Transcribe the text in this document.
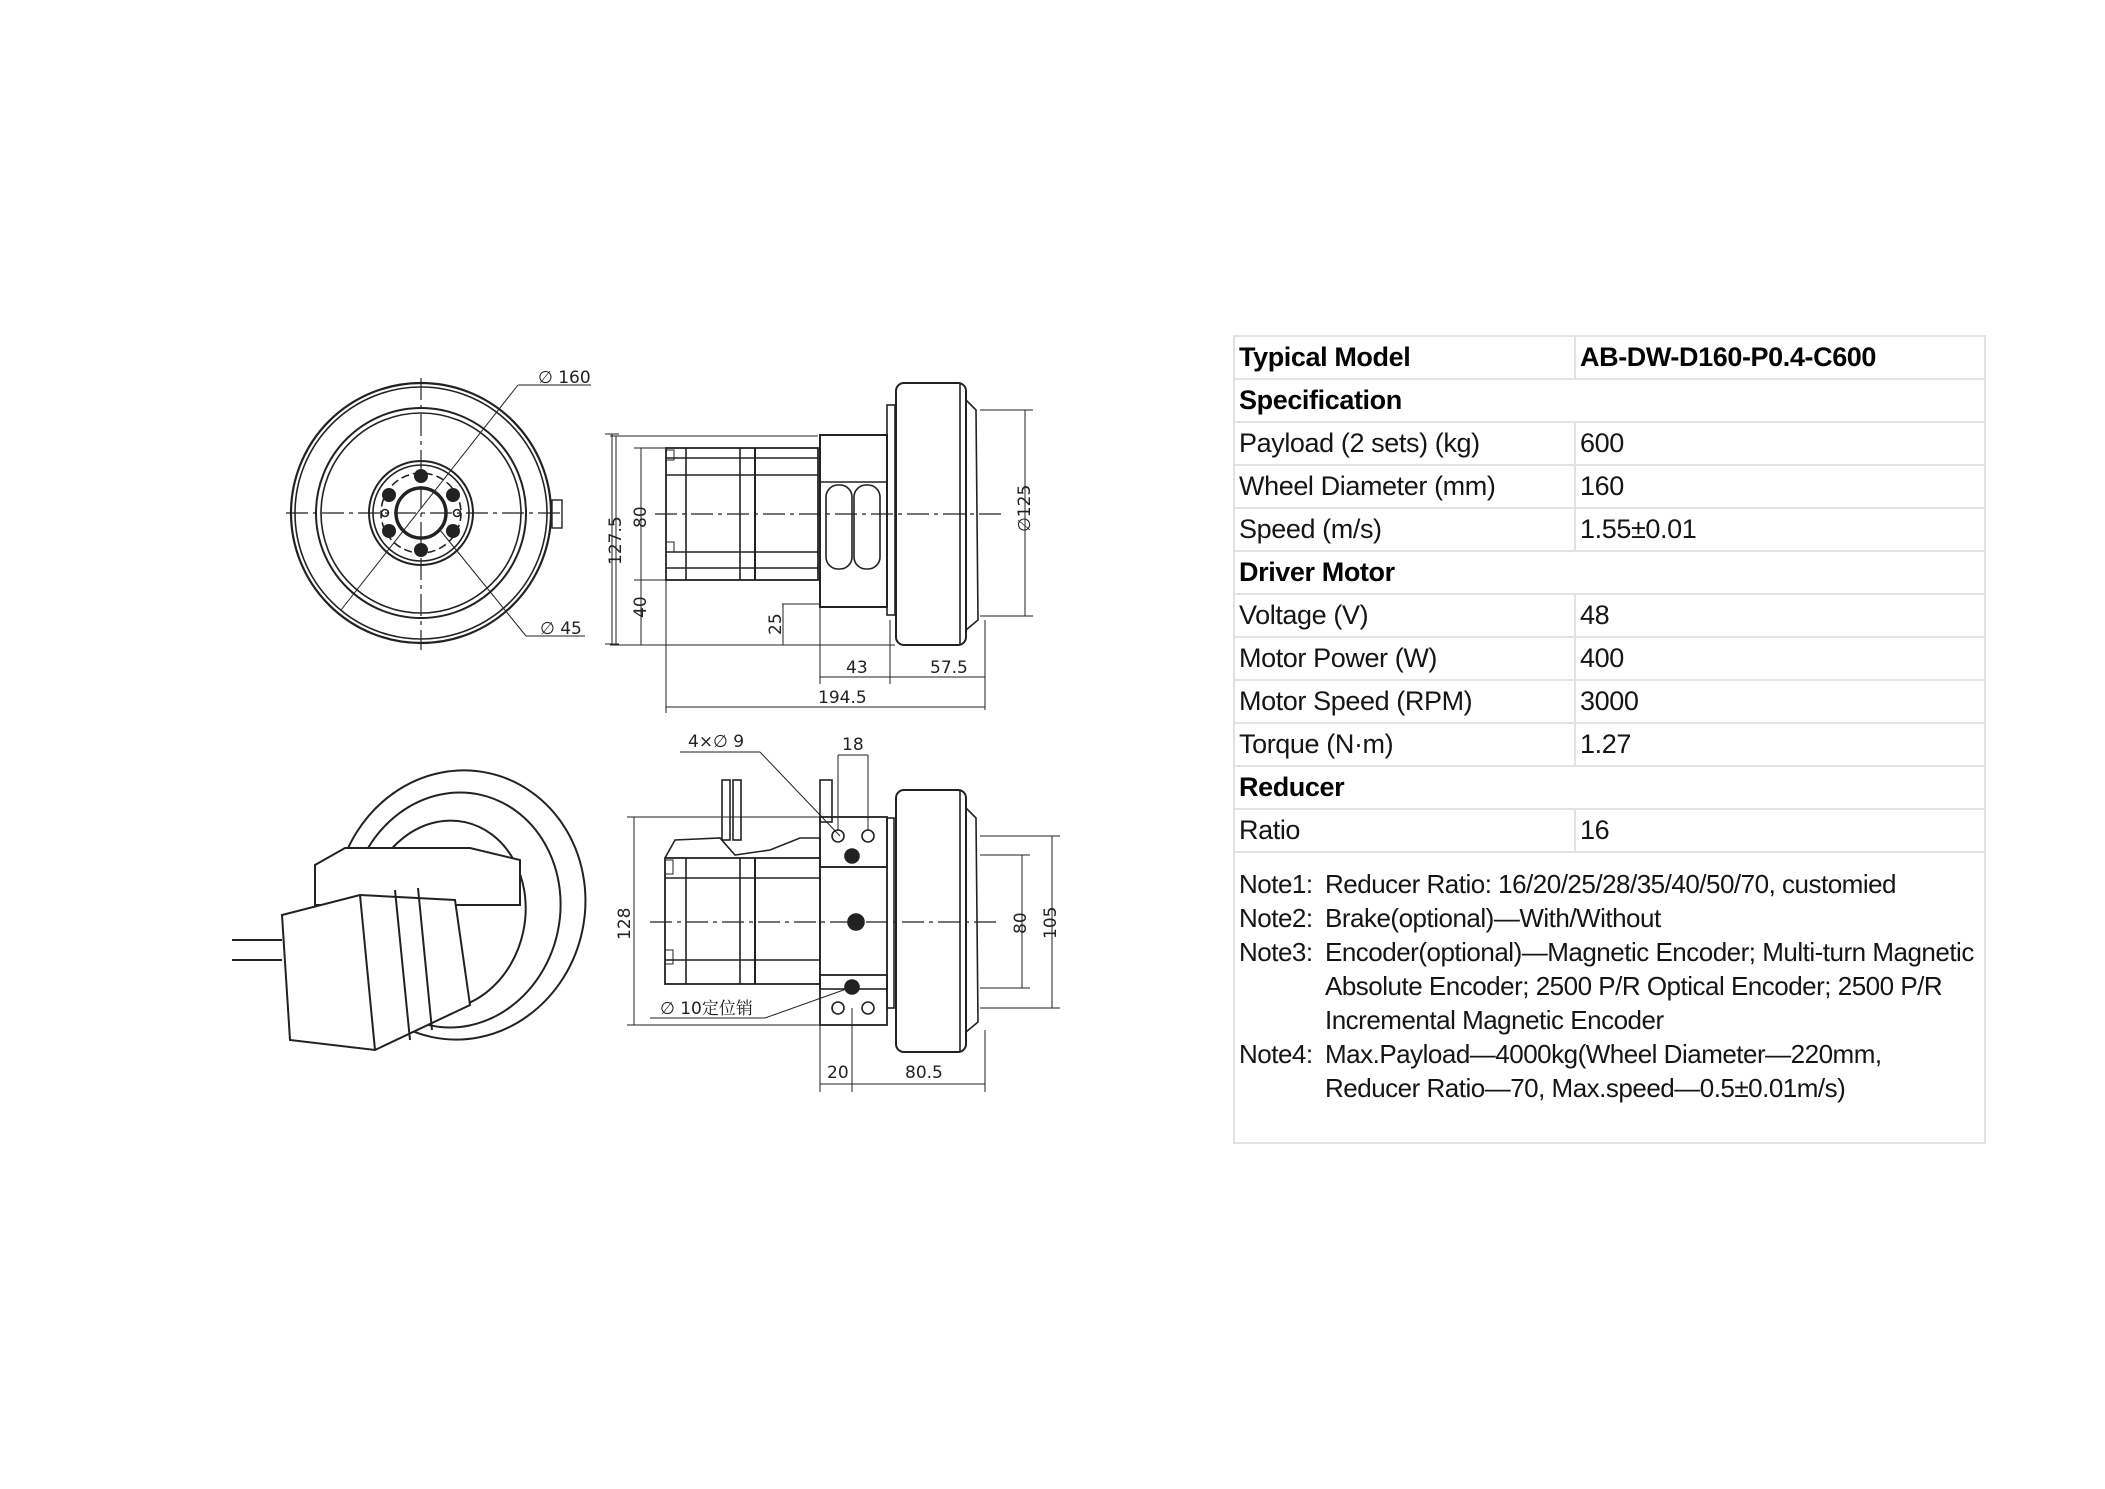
∅ 160
∅ 45
127.5 80
40
25
43	57.5
194.5
∅125
4×∅ 9	18
128	80 105
∅ 10定位销
20	80.5
Typical Model	AB-DW-D160-P0.4-C600
Specification	
Payload (2 sets) (kg)	600
Wheel Diameter (mm)	160
Speed (m/s)	1.55±0.01
Driver Motor	
Voltage (V)	48
Motor Power (W)	400
Motor Speed (RPM)	3000
Torque (N·m)	1.27
Reducer	
Ratio	16

Note1: Reducer Ratio: 16/20/25/28/35/40/50/70, customied
Note2: Brake(optional)—With/Without
Note3: Encoder(optional)—Magnetic Encoder; Multi-turn Magnetic Absolute Encoder; 2500 P/R Optical Encoder; 2500 P/R Incremental Magnetic Encoder
Note4: Max.Payload—4000kg(Wheel Diameter—220mm, Reducer Ratio—70, Max.speed—0.5±0.01m/s)
